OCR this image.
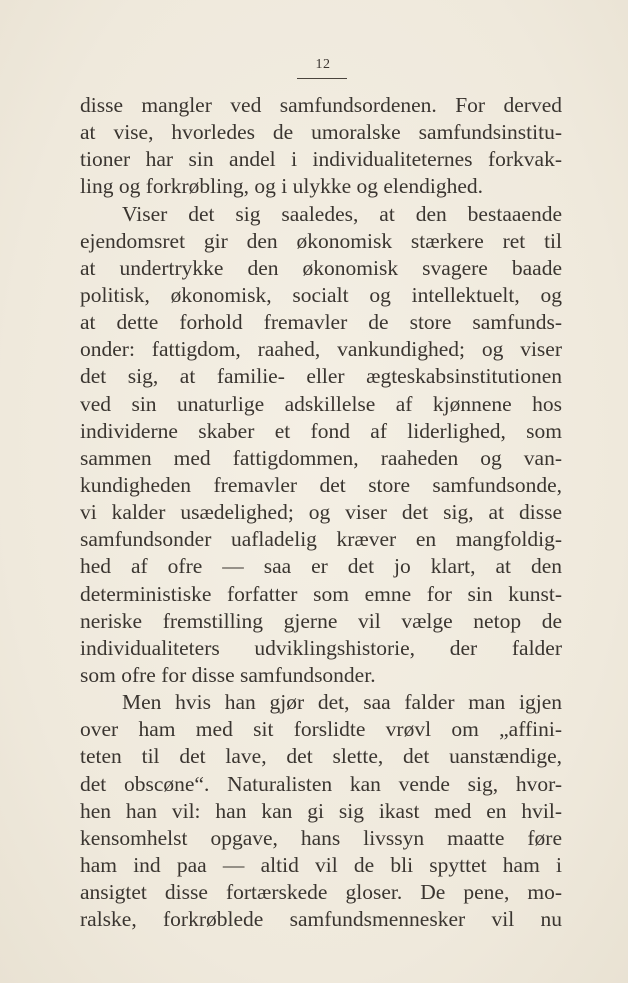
12
disse mangler ved samfundsordenen. For derved
at vise, hvorledes de umoralske samfundsinstitu-
tioner har sin andel i individualiteternes forkvak-
ling og forkrøbling, og i ulykke og elendighed.
Viser det sig saaledes, at den bestaaende
ejendomsret gir den økonomisk stærkere ret til
at undertrykke den økonomisk svagere baade
politisk, økonomisk, socialt og intellektuelt, og
at dette forhold fremavler de store samfunds-
onder: fattigdom, raahed, vankundighed; og viser
det sig, at familie- eller ægteskabsinstitutionen
ved sin unaturlige adskillelse af kjønnene hos
individerne skaber et fond af liderlighed, som
sammen med fattigdommen, raaheden og van-
kundigheden fremavler det store samfundsonde,
vi kalder usædelighed; og viser det sig, at disse
samfundsonder uafladelig kræver en mangfoldig-
hed af ofre — saa er det jo klart, at den
deterministiske forfatter som emne for sin kunst-
neriske fremstilling gjerne vil vælge netop de
individualiteters udviklingshistorie, der falder
som ofre for disse samfundsonder.
Men hvis han gjør det, saa falder man igjen
over ham med sit forslidte vrøvl om „affini-
teten til det lave, det slette, det uanstændige,
det obscøne“. Naturalisten kan vende sig, hvor-
hen han vil: han kan gi sig ikast med en hvil-
kensomhelst opgave, hans livssyn maatte føre
ham ind paa — altid vil de bli spyttet ham i
ansigtet disse fortærskede gloser. De pene, mo-
ralske, forkrøblede samfundsmennesker vil nu
